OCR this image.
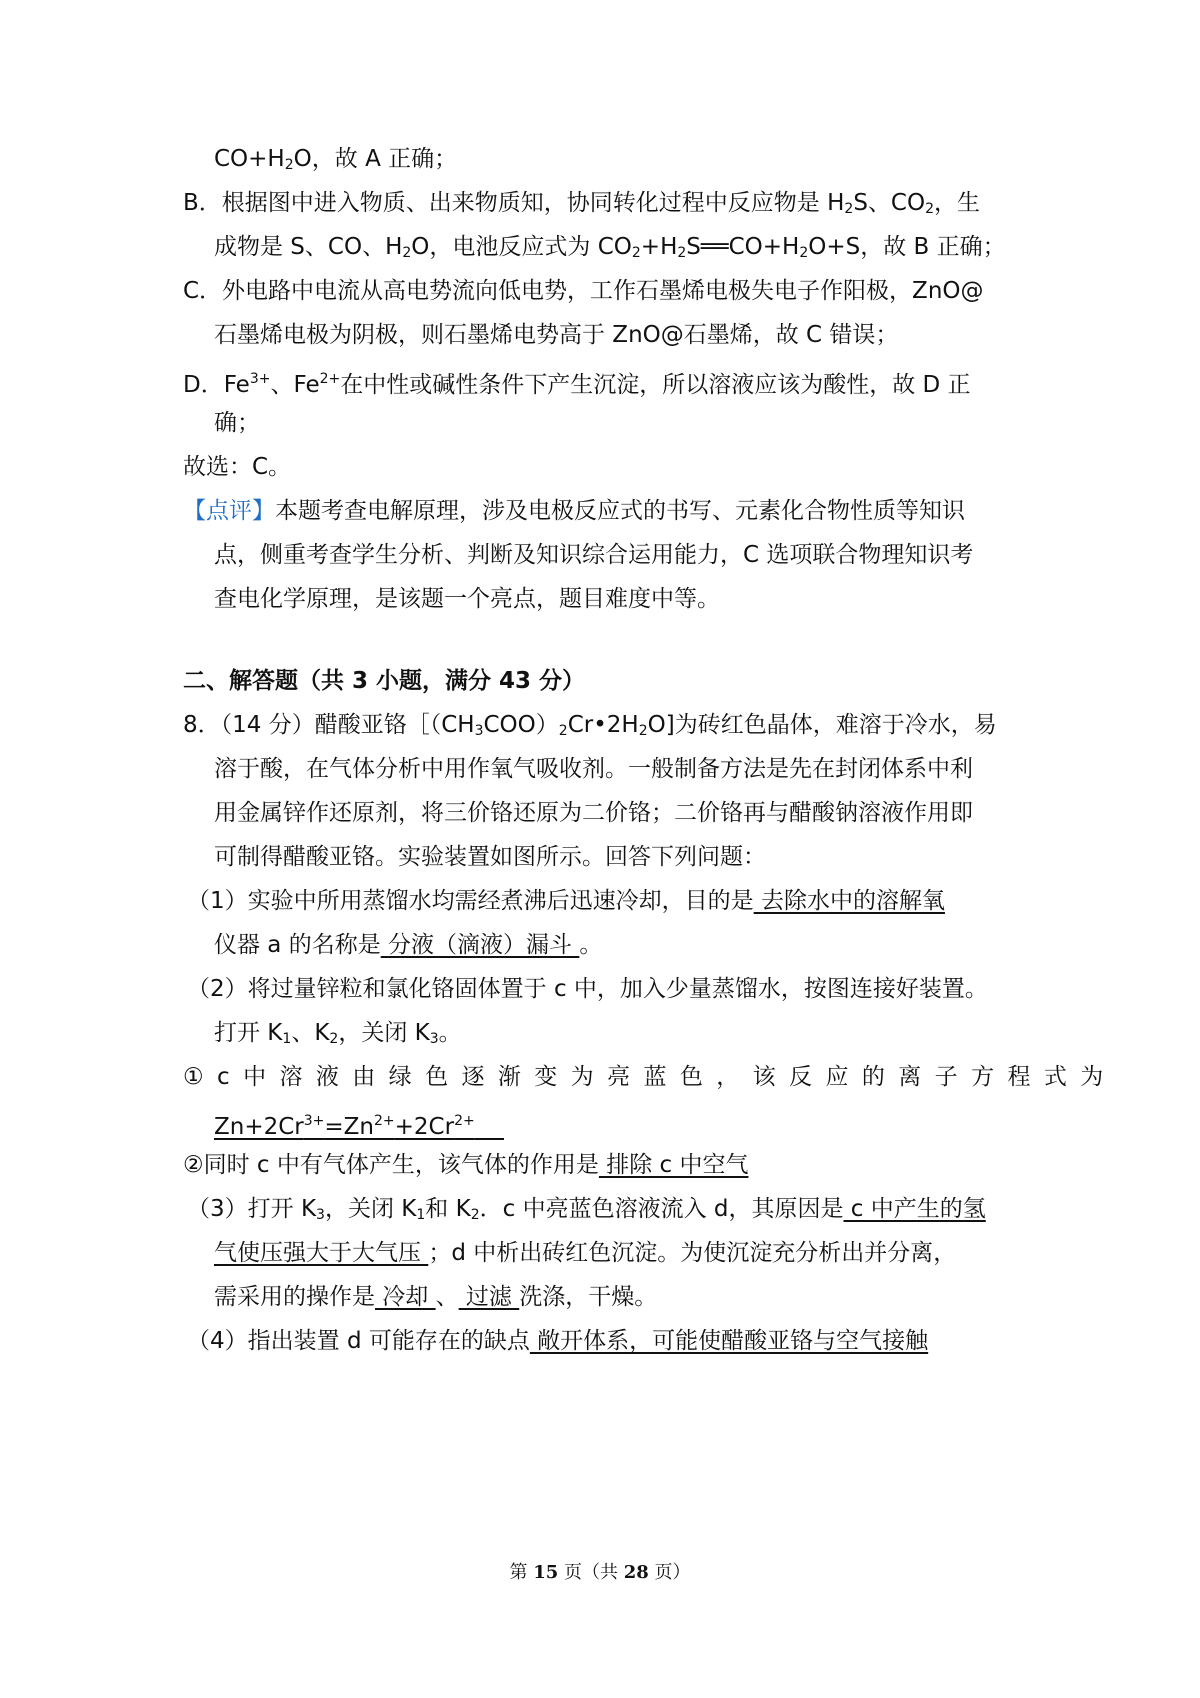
$CO+H_2O$，故 A 正确；
B．根据图中进入物质、出来物质知，协同转化过程中反应物是 $H_2S$、$CO_2$，生
成物是 S、CO、$H_2O$，电池反应式为 $CO_2+H_2S══CO+H_2O+S$，故 B 正确；
C．外电路中电流从高电势流向低电势，工作石墨烯电极失电子作阳极，ZnO@
石墨烯电极为阴极，则石墨烯电势高于 ZnO@石墨烯，故 C 错误；
D．$Fe^{3+}$、$Fe^{2+}$在中性或碱性条件下产生沉淀，所以溶液应该为酸性，故 D 正
确；
故选：C。
【点评】本题考查电解原理，涉及电极反应式的书写、元素化合物性质等知识
点，侧重考查学生分析、判断及知识综合运用能力，C 选项联合物理知识考
查电化学原理，是该题一个亮点，题目难度中等。
二、解答题（共 3 小题，满分 43 分）
8．（14 分）醋酸亚铬$[(CH_3COO)_2Cr•2H_2O$]为砖红色晶体，难溶于冷水，易
溶于酸，在气体分析中用作氧气吸收剂。一般制备方法是先在封闭体系中利
用金属锌作还原剂，将三价铬还原为二价铬；二价铬再与醋酸钠溶液作用即
可制得醋酸亚铬。实验装置如图所示。回答下列问题：
（1）实验中所用蒸馏水均需经煮沸后迅速冷却，目的是 去除水中的溶解氧
仪器 a 的名称是 分液（滴液）漏斗 。
（2）将过量锌粒和氯化铬固体置于 c 中，加入少量蒸馏水，按图连接好装置。
打开 $K_1$、$K_2$，关闭 $K_3$。
①c中溶液由绿色逐渐变为亮蓝色，该反应的离子方程式为
$Zn+2Cr^{3+}=Zn^{2+}+2Cr^{2+}$
②同时 c 中有气体产生，该气体的作用是 排除 c 中空气
（3）打开 $K_3$，关闭 $K_1$和 $K_2$．c 中亮蓝色溶液流入 d，其原因是 c 中产生的氢
气使压强大于大气压 ；d 中析出砖红色沉淀。为使沉淀充分析出并分离，
需采用的操作是 冷却 、 过滤 洗涤，干燥。
（4）指出装置 d 可能存在的缺点 敞开体系，可能使醋酸亚铬与空气接触
第 15 页（共 28 页）
